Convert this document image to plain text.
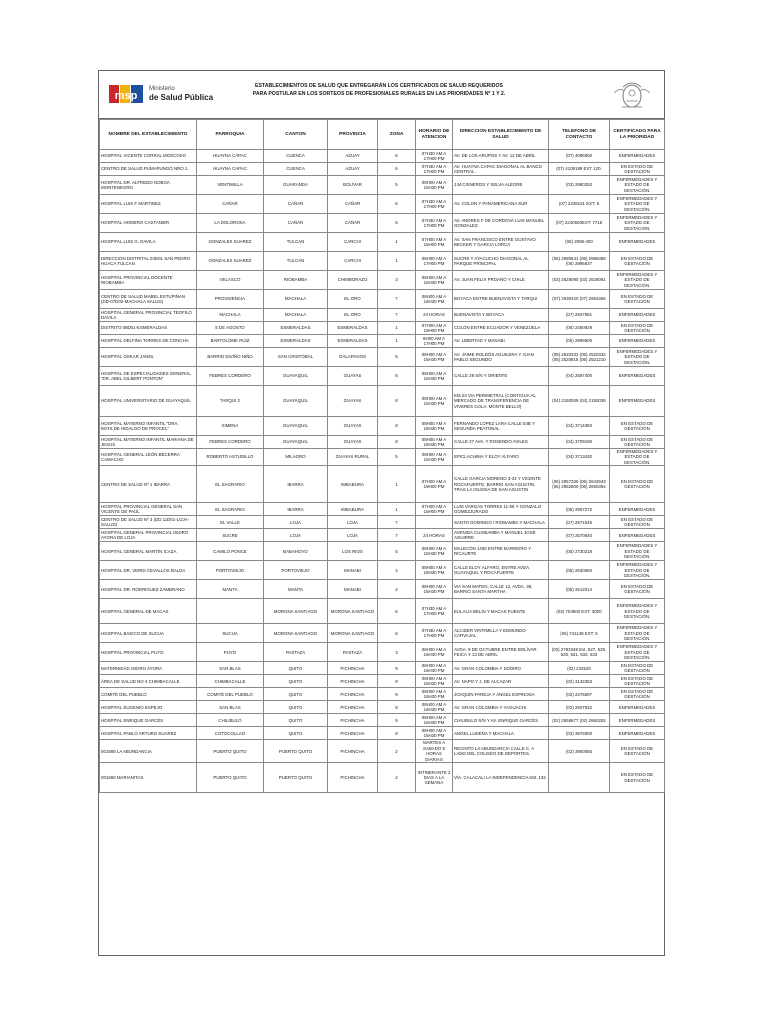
msp
Ministerio
de Salud Pública
ESTABLECIMIENTOS DE SALUD QUE ENTREGARÁN LOS CERTIFICADOS DE SALUD REQUERIDOS
PARA POSTULAR EN LOS SORTEOS DE PROFESIONALES RURALES EN LAS PRIORIDADES Nº 1 Y 2.
NOMBRE DEL ESTABLECIMIENTO	PARROQUIA	CANTON	PROVINCIA	ZONA	HORARIO DE ATENCION	DIRECCION ESTABLECIMIENTO DE SALUD	TELEFONO DE CONTACTO	CERTIFICADO PARA LA PRIORIDAD
HOSPITAL VICENTE CORRAL MOSCOSO	HUAYNA CÁPAC	CUENCA	AZUAY	6	07H30 AM A 17H00 PM	AV. DE LOS ARUPOS Y AV. 12 DE ABRIL	(07) 4096000	ENFERMEDADES
CENTRO DE SALUD PUMAPUNGO NRO 1.	HUAYNA CAPAC	CUENCA	AZUAY	6	07H30 AM A 17H00 PM	AV. HUAYNA CAPAC DIAGONAL AL BANCO CENTRAL.	(07) 4109189 EXT 120.	EN ESTADO DE GESTACIÓN
HOSPITAL DR. ALFREDO NOBOA MONTENEGRO	VENTIMILLA	GUARANDA	BOLÍVAR	5	08H00 AM A 16H30 PM	J.M.CISNEROS Y SELVA ALEGRE	(03) 2980282	ENFERMEDADES Y ESTADO DE GESTACIÓN.
HOSPITAL LUIS F MARTINEZ	CAÑAR	CAÑAR	CAÑAR	6	07H30 AM A 17H00 PM	AV. COLON Y PANAMERICANA SUR	(07) 2236161 EXT: 5	ENFERMEDADES Y ESTADO DE GESTACIÓN.
HOSPITAL HOMERO CASTANIER	LA DOLOROSA	CAÑAR	CAÑAR	6	07H30 AM A 17H00 PM	AV. ANDRES F DE CORDOVA LUIS MANUEL GONZALEZ	(07) 2240500EXT: 7716	ENFERMEDADES Y ESTADO DE GESTACIÓN.
HOSPITAL LUIS G. DAVILA	GONZALES SUAREZ	TULCAN	CARCHI	1	07H00 AM A 16H00 PM	AV. SAN FRANCISCO ENTRE GUSTAVO BECKER Y GARCIA LORCA	(06) 2999-400	ENFERMEDADES
DIRECCION DISTRITAL 04D01 SAN PEDRO HUACA TULCAN	GONZALES SUAREZ	TULCAN	CARCHI	1	08H00 AM A 17H00 PM	SUCRE Y AYACUCHO DIAGONAL AL PARQUE PRINCIPAL	(06) 2980641 (06) 2986389 (06) 2986637	EN ESTADO DE GESTACIÓN
HOSPITAL PROVINCIAL DOCENTE RIOBAMBA	VELASCO	RIOBAMBA	CHIMBORAZO	3	08H00 AM A 16H30 PM	AV. JUAN FELIX PROAÑO Y CHILE	(03) 2628090 (03) 2628091	ENFERMEDADES Y ESTADO DE GESTACIÓN.
CENTRO DE SALUD MABEL ESTUPIÑAN (DD-07D02-MACHALA SALUD)	PROVIDENCIA	MACHALA	EL ORO	7	08H00 AM A 16H30 PM	BOYACA ENTRE BUENAVISTA Y TARQUI	(07) 2930420 (07) 2963466	EN ESTADO DE GESTACIÓN
HOSPITAL GENERAL PROVINCIAL TEOFILO DAVILA	MACHALA	MACHALA	EL ORO	7	24 HORAS	BUENAVISTA Y BOYACA	(07) 2937581	ENFERMEDADES
DISTRITO 08D01-ESMERALDAS	5 DE AGOSTO	ESMERALDAS	ESMERALDAS	1	07H00 AM A 19H00 PM	COLON ENTRE ECUADOR Y VENEZUELA	(06) 2450929	EN ESTADO DE GESTACIÓN
HOSPITAL DELFINA TORRES DE CONCHA	BARTOLOME RUIZ	ESMERALDAS	ESMERALDAS	1	8H00 AM A 17H00 PM	AV. LIBERTAD Y MANABI	(06) 2999500	ENFERMEDADES
HOSPITAL OSKAR JANDL	BARRIO DIVIÑO NIÑO	SAN CRISTÓBAL	GALAPAGOS	5	08H00 AM A 16H30 PM	AV. JAIME ROLDÓS AGUILERA Y JUAN PABLO SEGUNDO	(05) 2520332 (05) 2520332 (05) 2520818 (05) 2521210	ENFERMEDADES Y ESTADO DE GESTACIÓN.
HOSPITAL DE ESPECIALIDADES GENERAL "DR. ABEL GILBERT PONTON"	FEBRES CORDERO	GUAYAQUIL	GUAYAS	8	08H00 AM A 16H30 PM	CALLE 29 S/N Y ORIENTE	(04) 2597400	ENFERMEDADES
HOSPITAL UNIVERSITARIO DE GUAYAQUIL	TARQUI 2	GUAYAQUIL	GUAYAS	8	08H00 AM A 16H30 PM	KM.23 VIA PERIMETRAL (CONTIGUA AL MERCADO DE TRANSFERENCIA DE VIVERES COLA. MONTE BELLO)	(04) 2150009 (04) 2150036	ENFERMEDADES
HOSPITAL MATERNO INFANTIL "DRA. MATILDE HIDALGO DE PROCEL"	XIMENA	GUAYAQUIL	GUAYAS	8	08H00 AM A 16H30 PM	FERNANDO LOPEZ LARA CALLE 54B Y SEGUNDA PEATONAL	(04) 3714350	EN ESTADO DE GESTACIÓN
HOSPITAL MATERNO INFANTIL MARIANA DE JESUS	FEBRES CORDERO	GUAYAQUIL	GUAYAS	8	08H00 AM A 16H30 PM	CALLE 27 AVA. Y ROSENDO AVILES	(04) 3709190	EN ESTADO DE GESTACIÓN
HOSPITAL GENERAL LEÓN BECERRA CAMACHO	ROBERTO ASTUDILLO	MILAGRO	GUAYAS RURAL	5	08H00 AM A 16H30 PM	EPICLACHIMA Y ELOY ALFARO	(04) 3713430	ENFERMEDADES Y ESTADO DE GESTACIÓN.
CENTRO DE SALUD Nº 1 IBARRA	EL SAGRARIO	IBARRA	IMBABURA	1	07H00 AM A 19H00 PM	CALLE GARCIA MORENO 3-34 Y VICENTE ROCAFUERTE, BARRIO SAN AGUSTIN, TRAS LA IGLESIA DE SAN AGUSTIN	(06) 2957336 (06) 2642943 (06) 2952800 (06) 2950354	EN ESTADO DE GESTACIÓN
HOSPITAL PROVINCIAL GENERAL SAN VICENTE DE PAUL	EL SAGRARIO	IBARRA	IMBABURA	1	07H00 AM A 16H00 PM	LUIS VARGAS TORRES 11-56 Y GONZALO GOMEZJURADO	(06) 2957272	ENFERMEDADES
CENTRO DE SALUD Nº 3 (DD 11D01-LOJA-SALUD)	EL VALLE	LOJA	LOJA	7		SANTO DOMINGO / RIOBAMBA Y MACHALA	(07) 2571645	EN ESTADO DE GESTACIÓN
HOSPITAL GENERAL PROVINCIAL ISIDRO AYORA DE LOJA	SUCRE	LOJA	LOJA	7	24 HORAS	AVENIDA CUXIBAMBA Y MANUEL JOSE AGUIRRE	(07) 2570540	ENFERMEDADES
HOSPITAL GENERAL MARTÍN ICAZA	CAMILO PONCE	BABAHOYO	LOS RIOS	5	08H00 AM A 16H30 PM	MALECÓN 1400 ENTRE BARREIRO Y RICAURTE	(05) 2730218	ENFERMEDADES Y ESTADO DE GESTACIÓN.
HOSPITAL DR. VERDI CEVALLOS BALDA	PORTOVIEJO	PORTOVIEJO	MANABI	4	08H00 AM A 16H30 PM	CALLE ELOY ALFARO, ENTRE AVDA. GUAYAQUIL Y ROCAFUERTE	(05) 2630660	ENFERMEDADES Y ESTADO DE GESTACIÓN.
HOSPITAL DR. RODRIGUEZ ZAMBRANO	MANTA	MANTA	MANABI	4	08H00 AM A 16H30 PM	VIA SAN MATEO, CALLE 12, AVDA. 38, BARRIO SANTA MARTHA	(05) 2612014	EN ESTADO DE GESTACIÓN
HOSPITAL GENERAL DE MACAS		MORONA SANTIAGO	MORONA SANTIAGO	6	07H30 AM A 17H00 PM	EULALIA BELIN Y MACAS FUENTE	(03) 703800 EXT: 3000	ENFERMEDADES Y ESTADO DE GESTACIÓN.
HOSPITAL BASICO DE SUCUA	SUCUA	MORONA SANTIAGO	MORONA SANTIAGO	6	07H30 AM A 17H00 PM	ALCIDER VINTIMILLA Y EDMUNDO CARVAJAL	(06) 741149 EXT: 5	ENFERMEDADES Y ESTADO DE GESTACIÓN.
HOSPITAL PROVINCIAL PUYO	PUYO	PASTAZA	PASTAZA	3	08H00 AM A 16H30 PM	AVDA. 9 DE OCTUBRE ENTRE BOLÍVAR FEICA Y 13 DE ABRIL	(03) 2793348 Ext. 527, 529, 530, 531, 532, 533	ENFERMEDADES Y ESTADO DE GESTACIÓN.
MATERNIDAD ISIDRO AYORA	SAN BLAS	QUITO	PICHINCHA	9	08H00 AM A 16H30 PM	AV. GRAN COLOMBIA Y SODIRO	(02) 234520	EN ESTADO DE GESTACIÓN
ÁREA DE SALUD NO 4 CHIMBACALLE	CHIMBACALLE	QUITO	PICHINCHA	9	08H00 AM A 16H30 PM	AV. NAPO Y J. DE ALCAZAR	(02) 3132363	EN ESTADO DE GESTACIÓN
COMITÉ DEL PUEBLO	COMITÉ DEL PUEBLO	QUITO	PICHINCHA	9	08H00 AM A 16H30 PM	JOAQUÍN PAREJA Y ANGEL ESPINOSA	(02) 2475697	EN ESTADO DE GESTACIÓN
HOSPITAL EUGENIO ESPEJO	SAN BLAS	QUITO	PICHINCHA	9	08H00 AM A 16H30 PM	AV. GRAN COLOMBIA Y YAGUACHI	(02) 2507932	ENFERMEDADES
HOSPITAL ENRIQUE GARCÉS	CHILIBULO	QUITO	PICHINCHA	9	08H00 AM A 16H30 PM	CHILIBULO S/N Y AV. ENRIQUE GARCÉS	(02) 2658677 (02) 2660252	ENFERMEDADES
HOSPITAL PABLO ARTURO SUAREZ	COTOCOLLAO	QUITO	PICHINCHA	9	08H00 AM A 16H30 PM	ANGEL LUDEÑA Y MACHALA	(02) 3979300	ENFERMEDADES
001689 LA ABUNDANCIA	PUERTO QUITO	PUERTO QUITO	PICHINCHA	2	MARTES A SABADO 8 HORAS DIARIAS	RECINTO LA ABUNDANCIA CALLE C. A LADO DEL COLISEO DE DEPORTES.	(02) 3900055	EN ESTADO DE GESTACIÓN
001690 MARIANITAS	PUERTO QUITO	PUERTO QUITO	PICHINCHA	2	INTINERANTE 2 DIAS A LA SEMANA	VÍA. CALACALI LA INDEPENDENCIA KM. 133		EN ESTADO DE GESTACIÓN
